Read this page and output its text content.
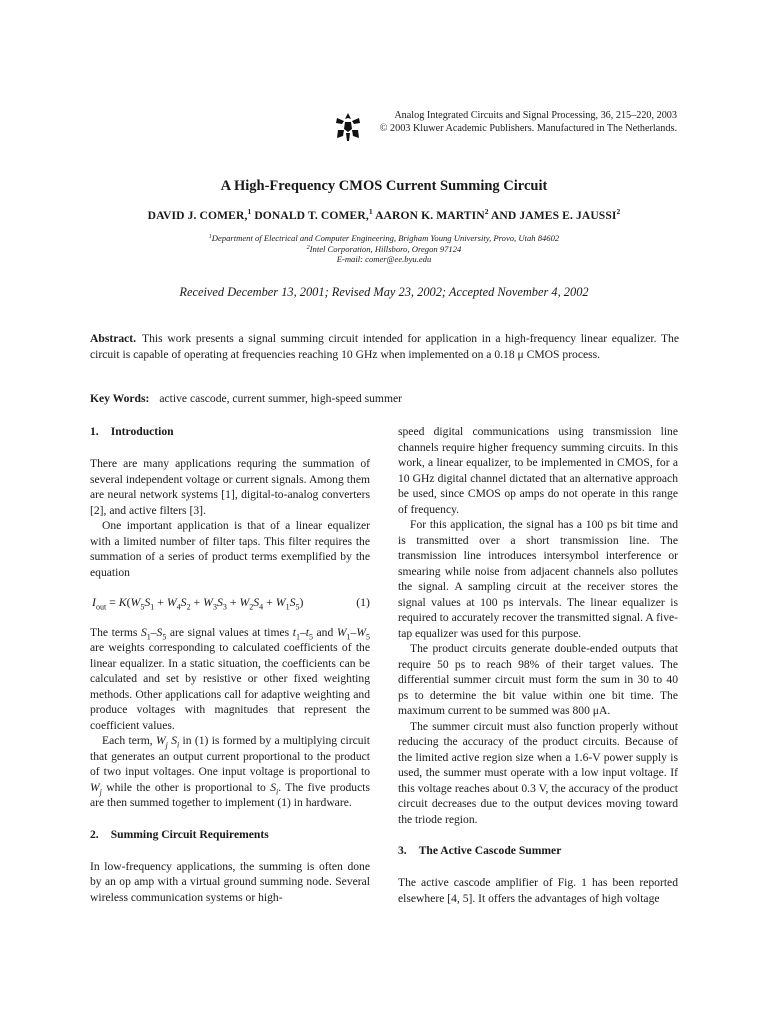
Analog Integrated Circuits and Signal Processing, 36, 215–220, 2003
© 2003 Kluwer Academic Publishers. Manufactured in The Netherlands.
A High-Frequency CMOS Current Summing Circuit
DAVID J. COMER,$^1$ DONALD T. COMER,$^1$ AARON K. MARTIN$^2$ AND JAMES E. JAUSSI$^2$
$^1$Department of Electrical and Computer Engineering, Brigham Young University, Provo, Utah 84602
$^2$Intel Corporation, Hillsboro, Oregon 97124
E-mail: comer@ee.byu.edu
Received December 13, 2001; Revised May 23, 2002; Accepted November 4, 2002
Abstract. This work presents a signal summing circuit intended for application in a high-frequency linear equalizer. The circuit is capable of operating at frequencies reaching 10 GHz when implemented on a 0.18 μ CMOS process.
Key Words: active cascode, current summer, high-speed summer
1. Introduction

There are many applications requring the summation of several independent voltage or current signals. Among them are neural network systems [1], digital-to-analog converters [2], and active filters [3].

One important application is that of a linear equalizer with a limited number of filter taps. This filter requires the summation of a series of product terms exemplified by the equation

$I_{out} = K(W_5S_1 + W_4S_2 + W_3S_3 + W_2S_4 + W_1S_5)$	(1)

The terms $S_1-S_5$ are signal values at times $t_1-t_5$ and $W_1-W_5$ are weights corresponding to calculated coefficients of the linear equalizer. In a static situation, the coefficients can be calculated and set by resistive or other fixed weighting methods. Other applications call for adaptive weighting and produce voltages with magnitudes that represent the coefficient values.

Each term, $W_j$ $S_i$ in (1) is formed by a multiplying circuit that generates an output current proportional to the product of two input voltages. One input voltage is proportional to $W_j$ while the other is proportional to $S_i$. The five products are then summed together to implement (1) in hardware.

2. Summing Circuit Requirements

In low-frequency applications, the summing is often done by an op amp with a virtual ground summing node. Several wireless communication systems or high-

speed digital communications using transmission line channels require higher frequency summing circuits. In this work, a linear equalizer, to be implemented in CMOS, for a 10 GHz digital channel dictated that an alternative approach be used, since CMOS op amps do not operate in this range of frequency.

For this application, the signal has a 100 ps bit time and is transmitted over a short transmission line. The transmission line introduces intersymbol interference or smearing while noise from adjacent channels also pollutes the signal. A sampling circuit at the receiver stores the signal values at 100 ps intervals. The linear equalizer is required to accurately recover the transmitted signal. A five-tap equalizer was used for this purpose.

The product circuits generate double-ended outputs that require 50 ps to reach 98% of their target values. The differential summer circuit must form the sum in 30 to 40 ps to determine the bit value within one bit time. The maximum current to be summed was 800 μA.

The summer circuit must also function properly without reducing the accuracy of the product circuits. Because of the limited active region size when a 1.6-V power supply is used, the summer must operate with a low input voltage. If this voltage reaches about 0.3 V, the accuracy of the product circuit decreases due to the output devices moving toward the triode region.

3. The Active Cascode Summer

The active cascode amplifier of Fig. 1 has been reported elsewhere [4, 5]. It offers the advantages of high voltage
